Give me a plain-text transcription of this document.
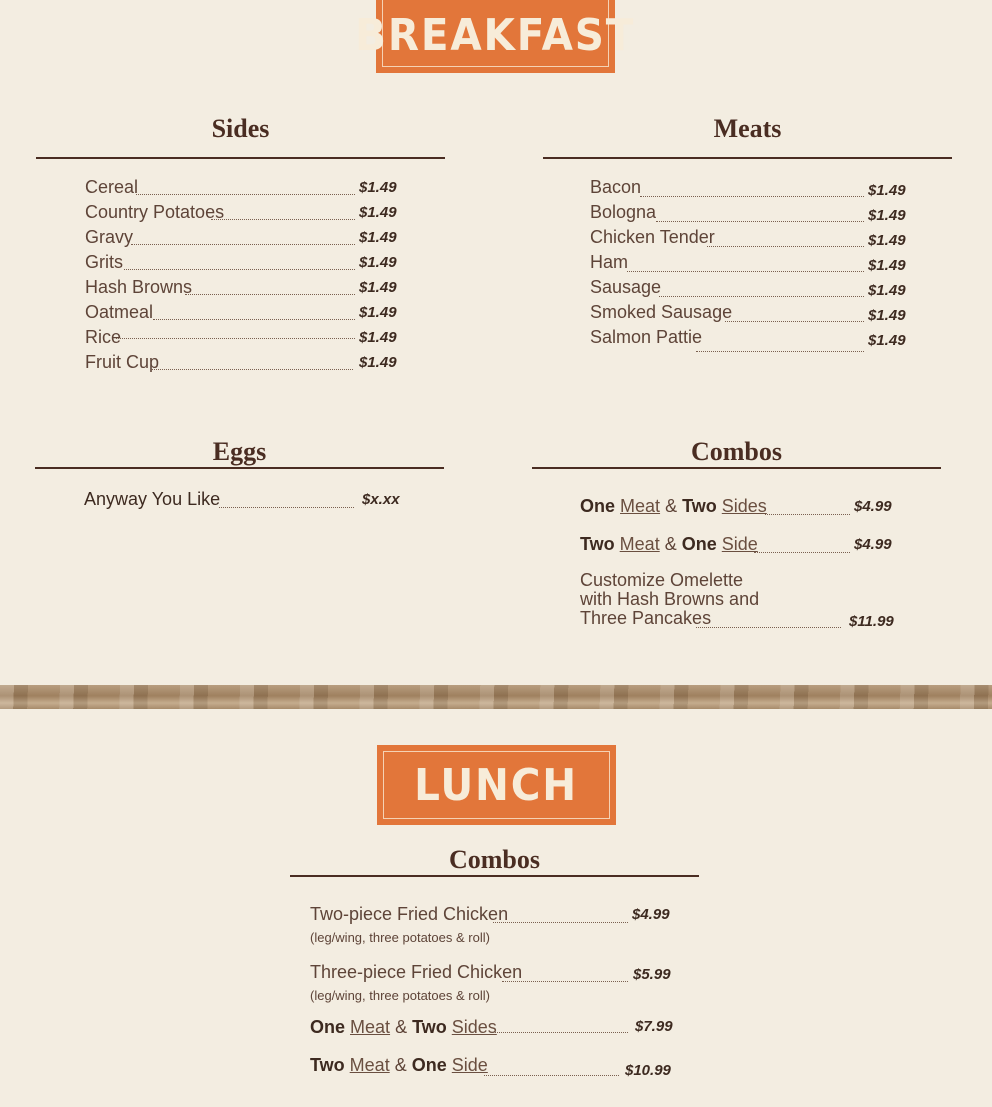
BREAKFAST
Sides
Cereal	$1.49
Country Potatoes	$1.49
Gravy	$1.49
Grits	$1.49
Hash Browns	$1.49
Oatmeal	$1.49
Rice	$1.49
Fruit Cup	$1.49
Meats
Bacon	$1.49
Bologna	$1.49
Chicken Tender	$1.49
Ham	$1.49
Sausage	$1.49
Smoked Sausage	$1.49
Salmon Pattie	$1.49
Eggs
Anyway You Like	$x.xx
Combos
One Meat & Two Sides	$4.99
Two Meat & One Side	$4.99
Customize Omelette
with Hash Browns and
Three Pancakes	$11.99
LUNCH
Combos
Two-piece Fried Chicken	$4.99
(leg/wing, three potatoes & roll)
Three-piece Fried Chicken	$5.99
(leg/wing, three potatoes & roll)
One Meat & Two Sides	$7.99
Two Meat & One Side	$10.99
